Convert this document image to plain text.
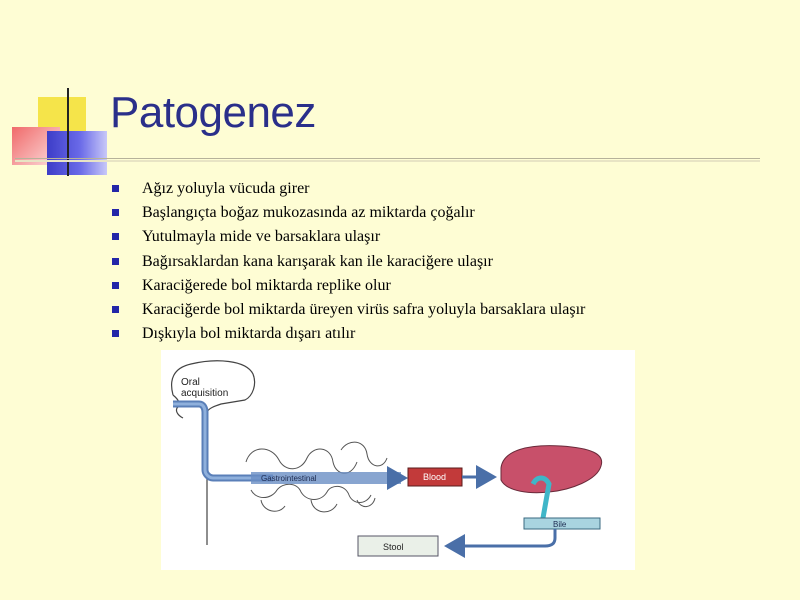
Patogenez
Ağız yoluyla vücuda girer
Başlangıçta boğaz mukozasında az miktarda çoğalır
Yutulmayla mide ve barsaklara ulaşır
Bağırsaklardan kana karışarak kan ile karaciğere ulaşır
Karaciğerede bol miktarda replike olur
Karaciğerde bol miktarda üreyen virüs safra yoluyla barsaklara ulaşır
Dışkıyla bol miktarda dışarı atılır
Gastrointestinal	Blood
Bile
Stool
Oral
acquisition
